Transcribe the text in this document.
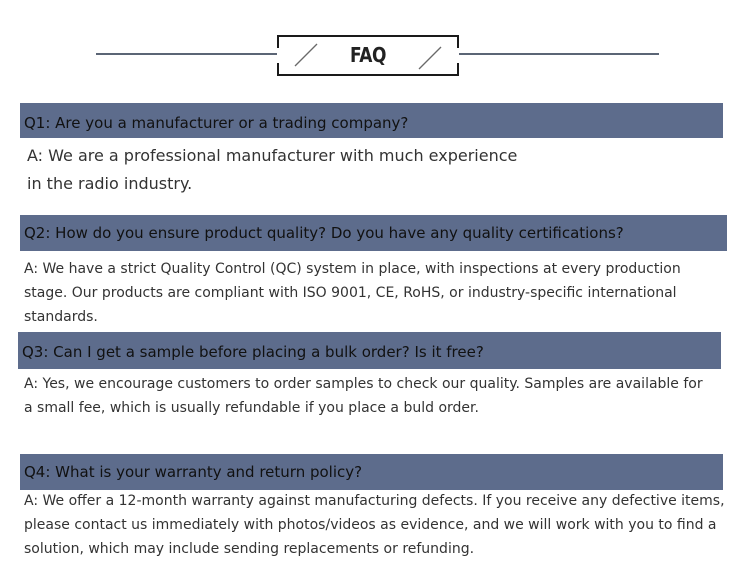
FAQ
Q1: Are you a manufacturer or a trading company?
A: We are a professional manufacturer with much experience
in the radio industry.
Q2: How do you ensure product quality? Do you have any quality certifications?
A: We have a strict Quality Control (QC) system in place, with inspections at every production
stage. Our products are compliant with ISO 9001, CE, RoHS, or industry-specific international
standards.
Q3: Can I get a sample before placing a bulk order? Is it free?
A: Yes, we encourage customers to order samples to check our quality. Samples are available for
a small fee, which is usually refundable if you place a buld order.
Q4: What is your warranty and return policy?
A: We offer a 12-month warranty against manufacturing defects. If you receive any defective items,
please contact us immediately with photos/videos as evidence, and we will work with you to find a
solution, which may include sending replacements or refunding.
